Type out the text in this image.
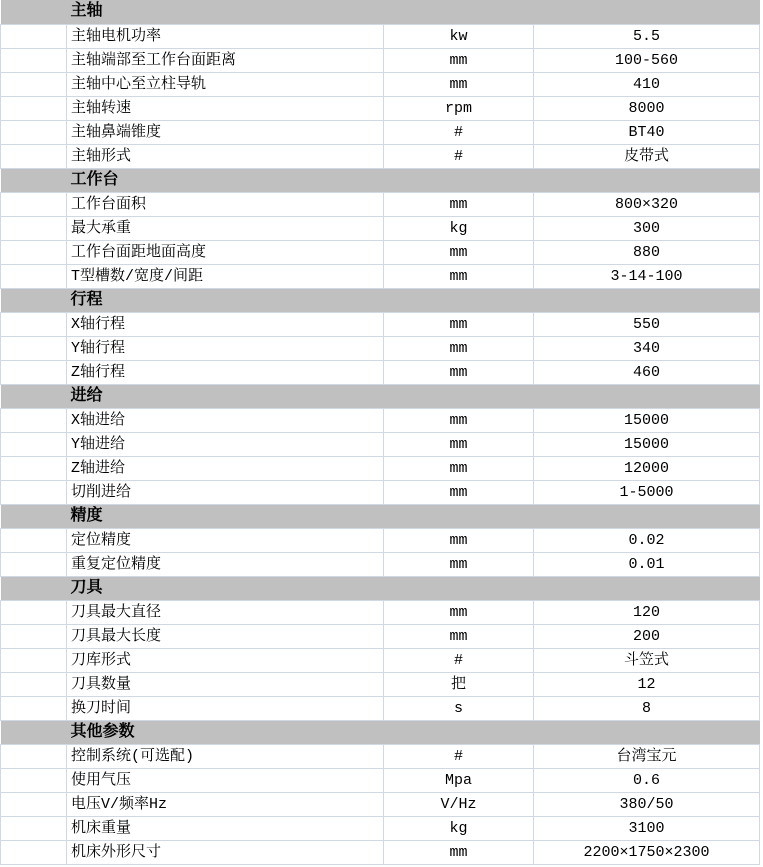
主轴			
	主轴电机功率	kw	5.5
	主轴端部至工作台面距离	mm	100-560
	主轴中心至立柱导轨	mm	410
	主轴转速	rpm	8000
	主轴鼻端锥度	#	BT40
	主轴形式	#	皮带式
工作台			
	工作台面积	mm	800×320
	最大承重	kg	300
	工作台面距地面高度	mm	880
	T型槽数/宽度/间距	mm	3-14-100
行程			
	X轴行程	mm	550
	Y轴行程	mm	340
	Z轴行程	mm	460
进给			
	X轴进给	mm	15000
	Y轴进给	mm	15000
	Z轴进给	mm	12000
	切削进给	mm	1-5000
精度			
	定位精度	mm	0.02
	重复定位精度	mm	0.01
刀具			
	刀具最大直径	mm	120
	刀具最大长度	mm	200
	刀库形式	#	斗笠式
	刀具数量	把	12
	换刀时间	s	8
其他参数			
	控制系统(可选配)	#	台湾宝元
	使用气压	Mpa	0.6
	电压V/频率Hz	V/Hz	380/50
	机床重量	kg	3100
	机床外形尺寸	mm	2200×1750×2300
